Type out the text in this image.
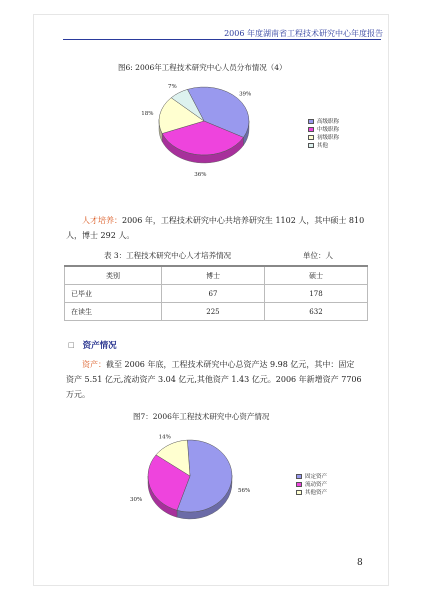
2006 年度湖南省工程技术研究中心年度报告
图6: 2006年工程技术研究中心人员分布情况（4）
39%
36%
18%
7%
高级职称
中级职称
初级职称
其他
人才培养：2006 年，工程技术研究中心共培养研究生 1102 人，其中硕士 810
人，博士 292 人。
表 3：工程技术研究中心人才培养情况	单位：人
类别	博士	硕士
已毕业	67	178
在读生	225	632
□ 资产情况
资产：截至 2006 年底，工程技术研究中心总资产达 9.98 亿元，其中：固定
资产 5.51 亿元,流动资产 3.04 亿元,其他资产 1.43 亿元。2006 年新增资产 7706
万元。
图7：2006年工程技术研究中心资产情况
56%
30%
14%
固定资产
流动资产
其他资产
8
